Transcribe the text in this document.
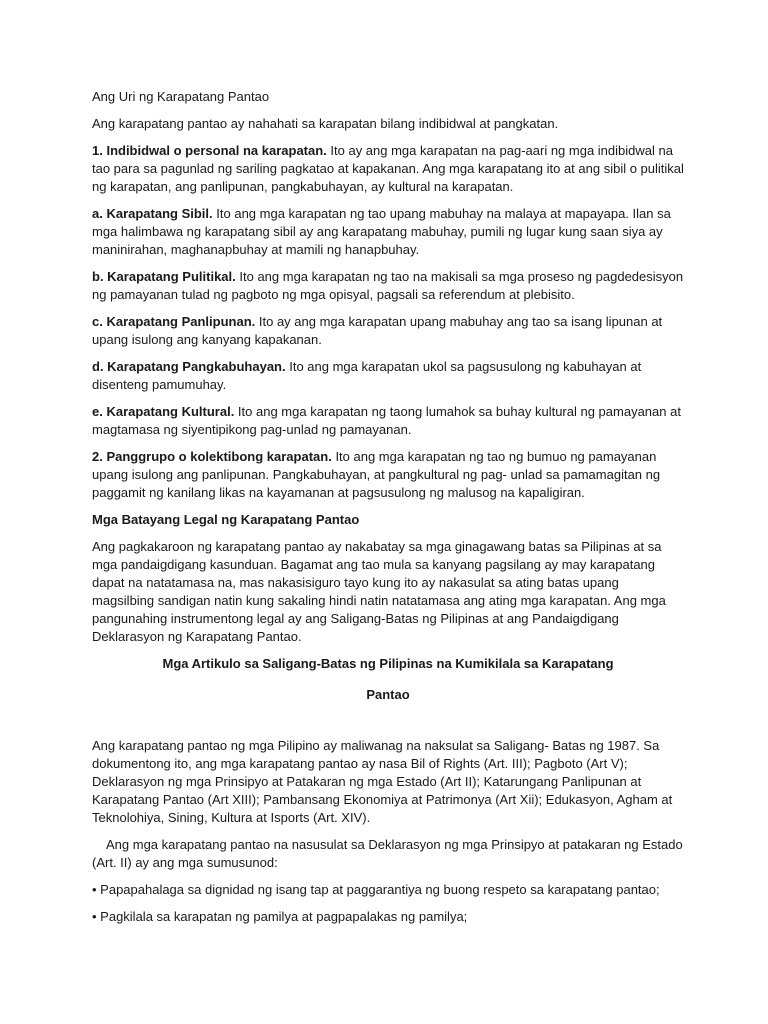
Ang Uri ng Karapatang Pantao

Ang karapatang pantao ay nahahati sa karapatan bilang indibidwal at pangkatan.

1. Indibidwal o personal na karapatan. Ito ay ang mga karapatan na pag-aari ng mga indibidwal na tao para sa pagunlad ng sariling pagkatao at kapakanan. Ang mga karapatang ito at ang sibil o pulitikal ng karapatan, ang panlipunan, pangkabuhayan, ay kultural na karapatan.

a. Karapatang Sibil. Ito ang mga karapatan ng tao upang mabuhay na malaya at mapayapa. Ilan sa mga halimbawa ng karapatang sibil ay ang karapatang mabuhay, pumili ng lugar kung saan siya ay maninirahan, maghanapbuhay at mamili ng hanapbuhay.

b. Karapatang Pulitikal. Ito ang mga karapatan ng tao na makisali sa mga proseso ng pagdedesisyon ng pamayanan tulad ng pagboto ng mga opisyal, pagsali sa referendum at plebisito.

c. Karapatang Panlipunan. Ito ay ang mga karapatan upang mabuhay ang tao sa isang lipunan at upang isulong ang kanyang kapakanan.

d. Karapatang Pangkabuhayan. Ito ang mga karapatan ukol sa pagsusulong ng kabuhayan at disenteng pamumuhay.

e. Karapatang Kultural. Ito ang mga karapatan ng taong lumahok sa buhay kultural ng pamayanan at magtamasa ng siyentipikong pag-unlad ng pamayanan.

2. Panggrupo o kolektibong karapatan. Ito ang mga karapatan ng tao ng bumuo ng pamayanan upang isulong ang panlipunan. Pangkabuhayan, at pangkultural ng pag- unlad sa pamamagitan ng paggamit ng kanilang likas na kayamanan at pagsusulong ng malusog na kapaligiran.

Mga Batayang Legal ng Karapatang Pantao

Ang pagkakaroon ng karapatang pantao ay nakabatay sa mga ginagawang batas sa Pilipinas at sa mga pandaigdigang kasunduan. Bagamat ang tao mula sa kanyang pagsilang ay may karapatang dapat na natatamasa na, mas nakasisiguro tayo kung ito ay nakasulat sa ating batas upang magsilbing sandigan natin kung sakaling hindi natin natatamasa ang ating mga karapatan. Ang mga pangunahing instrumentong legal ay ang Saligang-Batas ng Pilipinas at ang Pandaigdigang Deklarasyon ng Karapatang Pantao.

Mga Artikulo sa Saligang-Batas ng Pilipinas na Kumikilala sa Karapatang

Pantao

Ang karapatang pantao ng mga Pilipino ay maliwanag na naksulat sa Saligang- Batas ng 1987. Sa dokumentong ito, ang mga karapatang pantao ay nasa Bil of Rights (Art. III); Pagboto (Art V); Deklarasyon ng mga Prinsipyo at Patakaran ng mga Estado (Art II); Katarungang Panlipunan at Karapatang Pantao (Art XIII); Pambansang Ekonomiya at Patrimonya (Art Xii); Edukasyon, Agham at Teknolohiya, Sining, Kultura at Isports (Art. XIV).

Ang mga karapatang pantao na nasusulat sa Deklarasyon ng mga Prinsipyo at patakaran ng Estado (Art. II) ay ang mga sumusunod:

• Papapahalaga sa dignidad ng isang tap at paggarantiya ng buong respeto sa karapatang pantao;

• Pagkilala sa karapatan ng pamilya at pagpapalakas ng pamilya;
